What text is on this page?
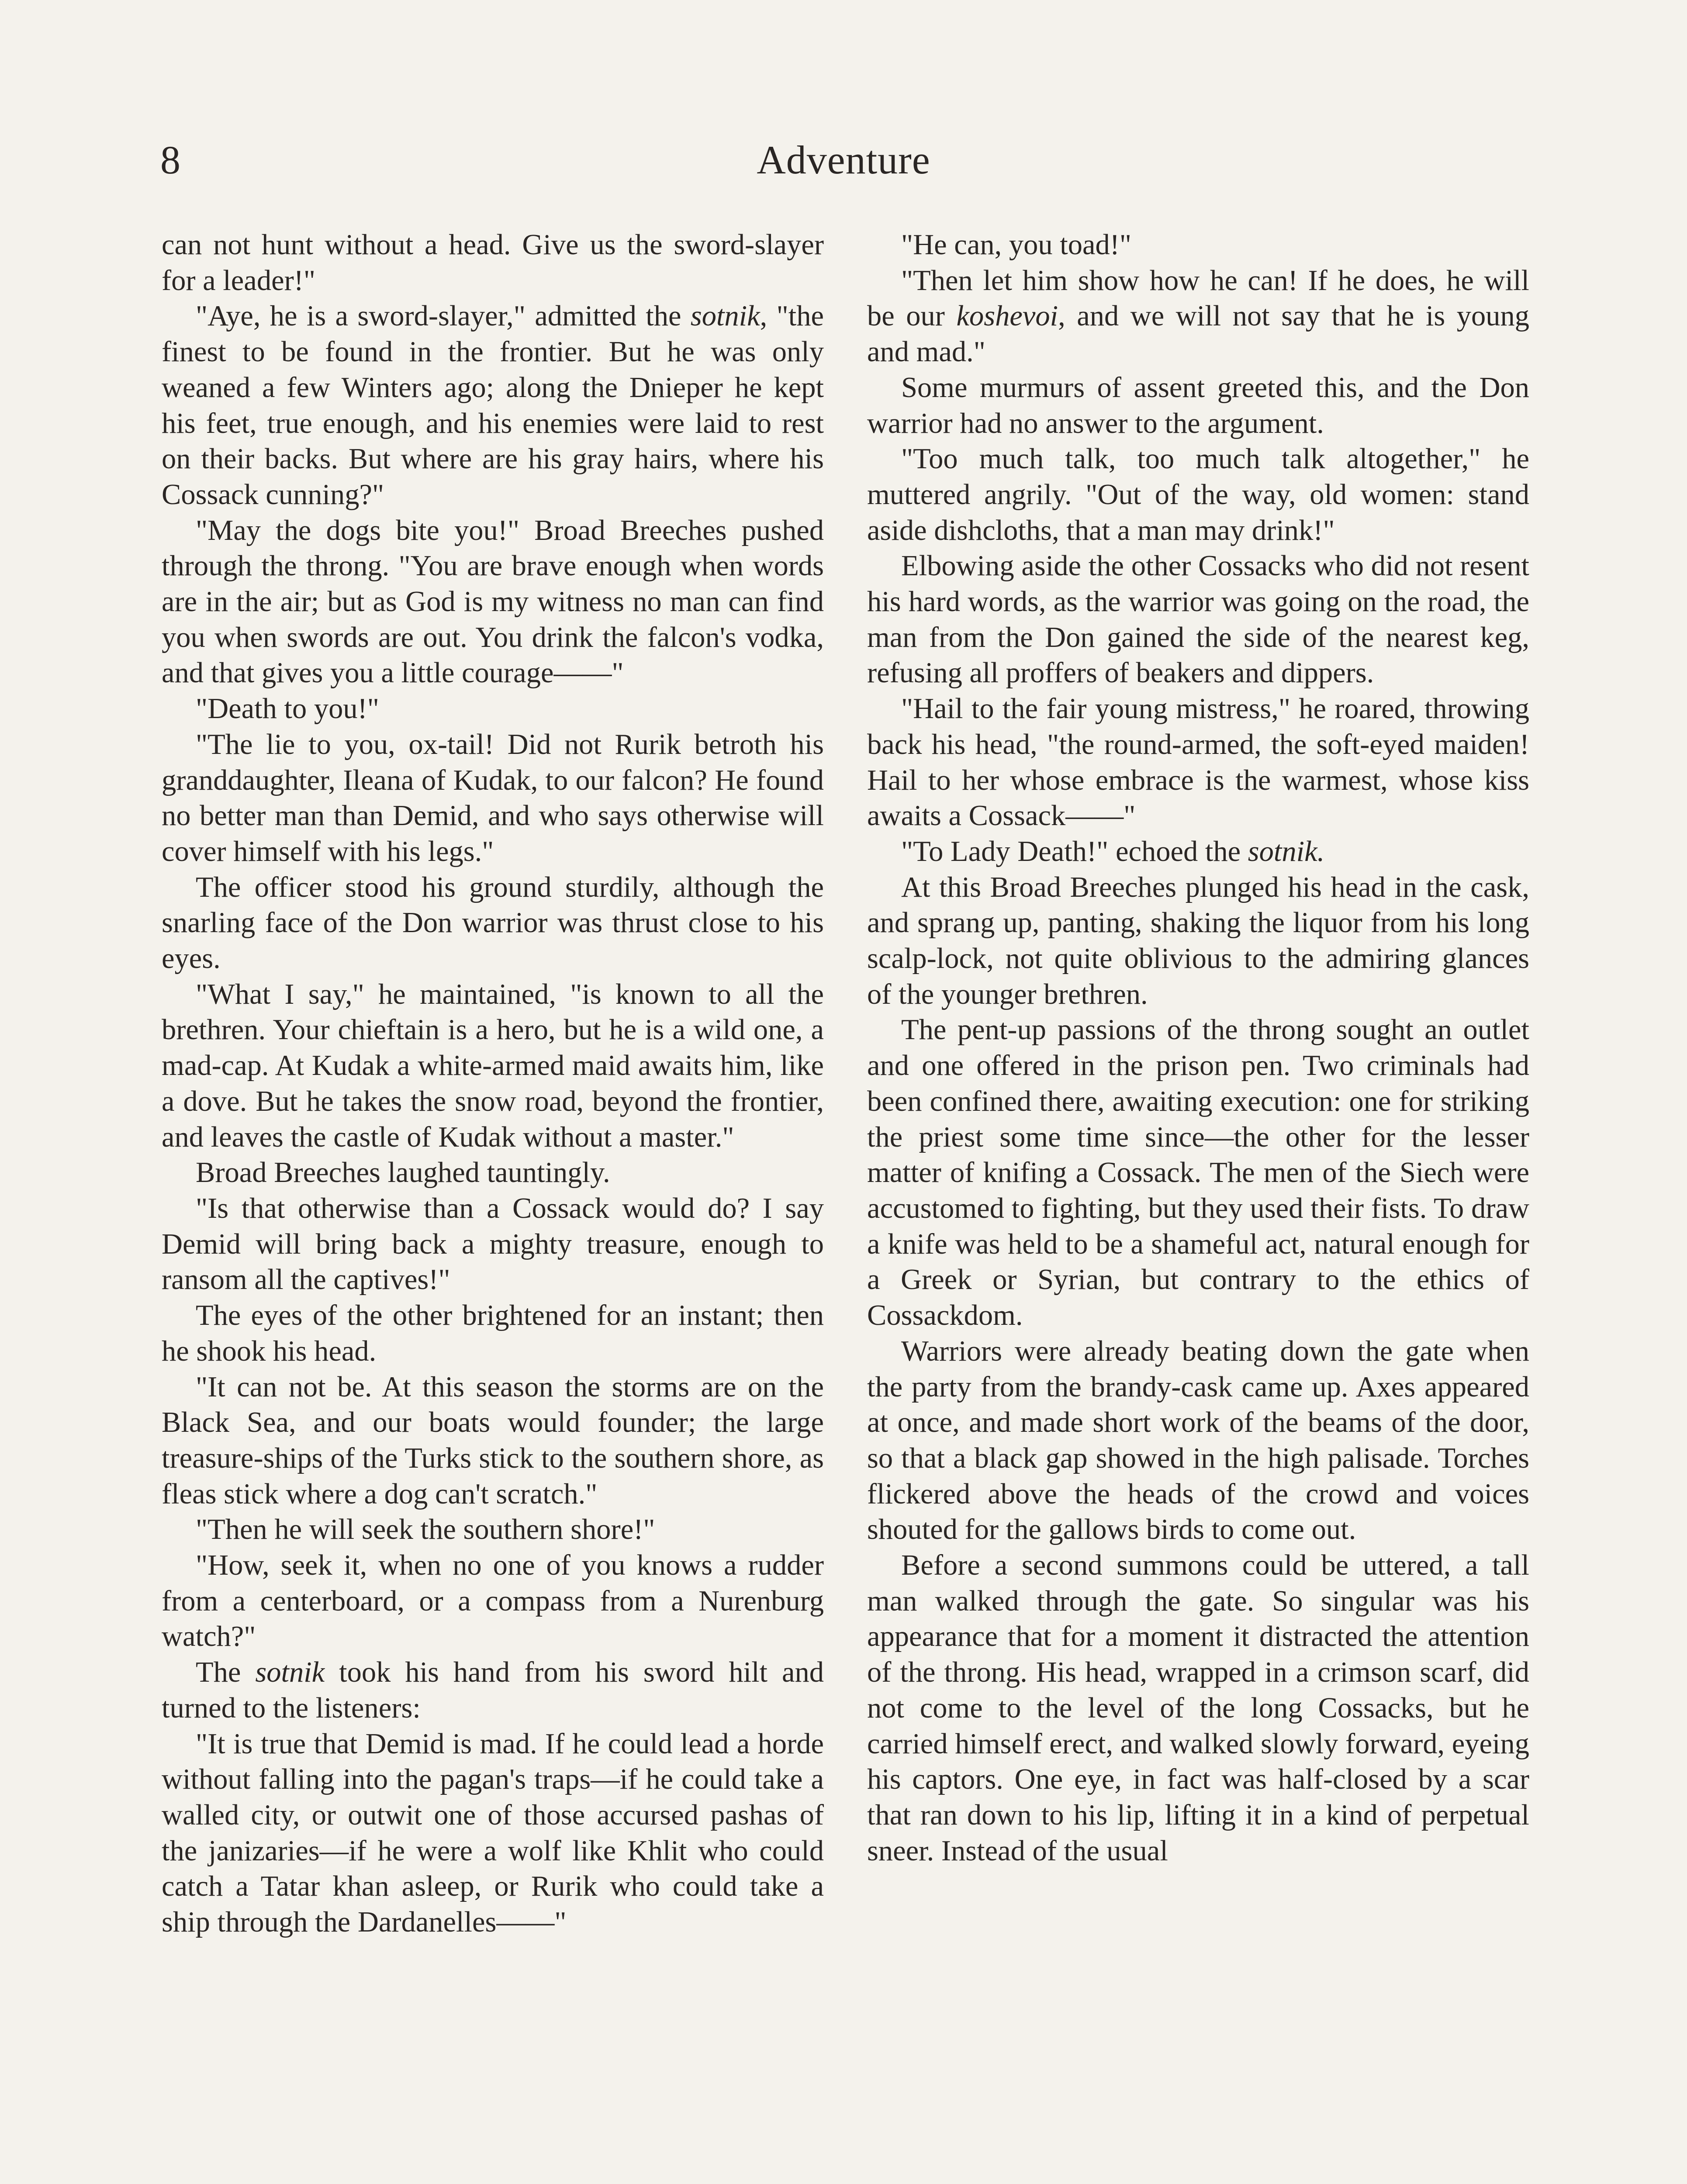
8	Adventure

can not hunt without a head. Give us the sword-slayer for a leader!"

"Aye, he is a sword-slayer," admitted the sotnik, "the finest to be found in the frontier. But he was only weaned a few Winters ago; along the Dnieper he kept his feet, true enough, and his enemies were laid to rest on their backs. But where are his gray hairs, where his Cossack cunning?"

"May the dogs bite you!" Broad Breeches pushed through the throng. "You are brave enough when words are in the air; but as God is my witness no man can find you when swords are out. You drink the falcon's vodka, and that gives you a little courage——"

"Death to you!"

"The lie to you, ox-tail! Did not Rurik betroth his granddaughter, Ileana of Kudak, to our falcon? He found no better man than Demid, and who says otherwise will cover himself with his legs."

The officer stood his ground sturdily, although the snarling face of the Don warrior was thrust close to his eyes.

"What I say," he maintained, "is known to all the brethren. Your chieftain is a hero, but he is a wild one, a mad-cap. At Kudak a white-armed maid awaits him, like a dove. But he takes the snow road, beyond the frontier, and leaves the castle of Kudak without a master."

Broad Breeches laughed tauntingly.

"Is that otherwise than a Cossack would do? I say Demid will bring back a mighty treasure, enough to ransom all the captives!"

The eyes of the other brightened for an instant; then he shook his head.

"It can not be. At this season the storms are on the Black Sea, and our boats would founder; the large treasure-ships of the Turks stick to the southern shore, as fleas stick where a dog can't scratch."

"Then he will seek the southern shore!"

"How, seek it, when no one of you knows a rudder from a centerboard, or a compass from a Nurenburg watch?"

The sotnik took his hand from his sword hilt and turned to the listeners:

"It is true that Demid is mad. If he could lead a horde without falling into the pagan's traps—if he could take a walled city, or outwit one of those accursed pashas of the janizaries—if he were a wolf like Khlit who could catch a Tatar khan asleep, or Rurik who could take a ship through the Dardanelles——"

"He can, you toad!"

"Then let him show how he can! If he does, he will be our koshevoi, and we will not say that he is young and mad."

Some murmurs of assent greeted this, and the Don warrior had no answer to the argument.

"Too much talk, too much talk altogether," he muttered angrily. "Out of the way, old women: stand aside dishcloths, that a man may drink!"

Elbowing aside the other Cossacks who did not resent his hard words, as the warrior was going on the road, the man from the Don gained the side of the nearest keg, refusing all proffers of beakers and dippers.

"Hail to the fair young mistress," he roared, throwing back his head, "the round-armed, the soft-eyed maiden! Hail to her whose embrace is the warmest, whose kiss awaits a Cossack——"

"To Lady Death!" echoed the sotnik.

At this Broad Breeches plunged his head in the cask, and sprang up, panting, shaking the liquor from his long scalp-lock, not quite oblivious to the admiring glances of the younger brethren.

The pent-up passions of the throng sought an outlet and one offered in the prison pen. Two criminals had been confined there, awaiting execution: one for striking the priest some time since—the other for the lesser matter of knifing a Cossack. The men of the Siech were accustomed to fighting, but they used their fists. To draw a knife was held to be a shameful act, natural enough for a Greek or Syrian, but contrary to the ethics of Cossackdom.

Warriors were already beating down the gate when the party from the brandy-cask came up. Axes appeared at once, and made short work of the beams of the door, so that a black gap showed in the high palisade. Torches flickered above the heads of the crowd and voices shouted for the gallows birds to come out.

Before a second summons could be uttered, a tall man walked through the gate. So singular was his appearance that for a moment it distracted the attention of the throng. His head, wrapped in a crimson scarf, did not come to the level of the long Cossacks, but he carried himself erect, and walked slowly forward, eyeing his captors. One eye, in fact was half-closed by a scar that ran down to his lip, lifting it in a kind of perpetual sneer. Instead of the usual
